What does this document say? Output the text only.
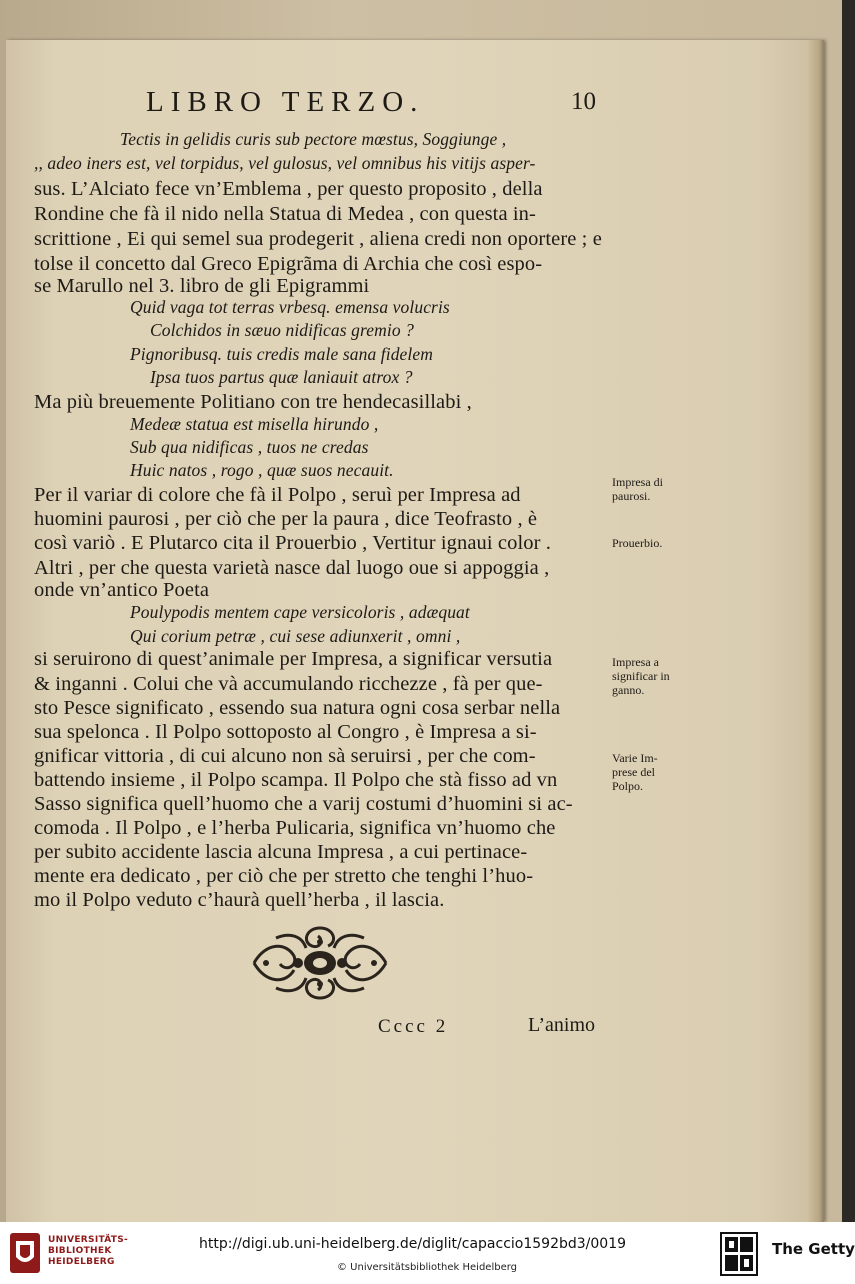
LIBRO TERZO.	10
Tectis in gelidis curis sub pectore mœstus, Soggiunge ,
,, adeo iners est, vel torpidus, vel gulosus, vel omnibus his vitijs asper-
sus. L’Alciato fece vn’Emblema , per questo proposito , della
Rondine che fà il nido nella Statua di Medea , con questa in-
scrittione , Ei qui semel sua prodegerit , aliena credi non oportere ; e
tolse il concetto dal Greco Epigrãma di Archia che così espo-
se Marullo nel 3. libro de gli Epigrammi
Quid vaga tot terras vrbesq. emensa volucris
Colchidos in sæuo nidificas gremio ?
Pignoribusq. tuis credis male sana fidelem
Ipsa tuos partus quæ laniauit atrox ?
Ma più breuemente Politiano con tre hendecasillabi ,
Medeæ statua est misella hirundo ,
Sub qua nidificas , tuos ne credas
Huic natos , rogo , quæ suos necauit.
Per il variar di colore che fà il Polpo , seruì per Impresa ad
huomini paurosi , per ciò che per la paura , dice Teofrasto , è
così variò . E Plutarco cita il Prouerbio , Vertitur ignaui color .
Altri , per che questa varietà nasce dal luogo oue si appoggia ,
onde vn’antico Poeta
Poulypodis mentem cape versicoloris , adæquat
Qui corium petræ , cui sese adiunxerit , omni ,
si seruirono di quest’animale per Impresa, a significar versutia
& inganni . Colui che và accumulando ricchezze , fà per que-
sto Pesce significato , essendo sua natura ogni cosa serbar nella
sua spelonca . Il Polpo sottoposto al Congro , è Impresa a si-
gnificar vittoria , di cui alcuno non sà seruirsi , per che com-
battendo insieme , il Polpo scampa. Il Polpo che stà fisso ad vn
Sasso significa quell’huomo che a varij costumi d’huomini si ac-
comoda . Il Polpo , e l’herba Pulicaria, significa vn’huomo che
per subito accidente lascia alcuna Impresa , a cui pertinace-
mente era dedicato , per ciò che per stretto che tenghi l’huo-
mo il Polpo veduto c’haurà quell’herba , il lascia.
Impresa di
paurosi.
Prouerbio.
Impresa a
significar in
ganno.
Varie Im-
prese del
Polpo.
Cccc 2	L’animo
UNIVERSITÄTS-
BIBLIOTHEK
HEIDELBERG
http://digi.ub.uni-heidelberg.de/diglit/capaccio1592bd3/0019
© Universitätsbibliothek Heidelberg
The Getty
